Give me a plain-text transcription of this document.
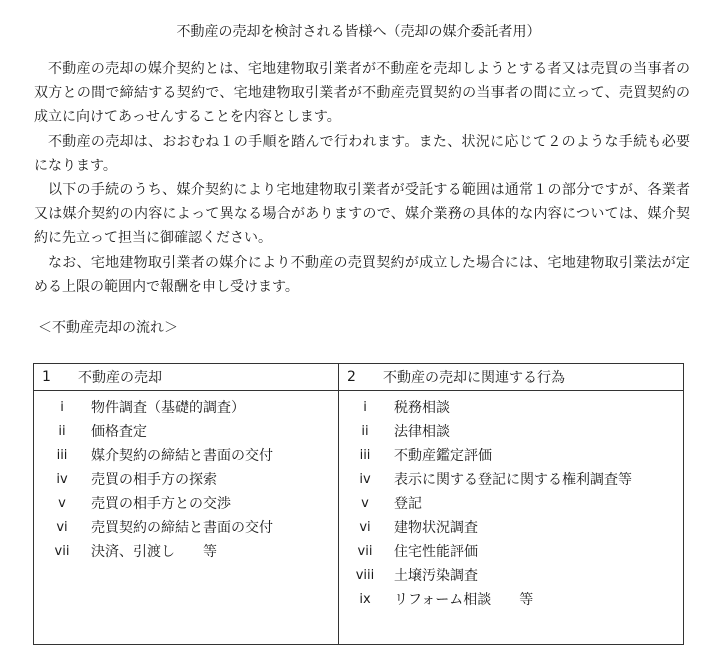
不動産の売却を検討される皆様へ（売却の媒介委託者用）

不動産の売却の媒介契約とは、宅地建物取引業者が不動産を売却しようとする者又は売買の当事者の双方との間で締結する契約で、宅地建物取引業者が不動産売買契約の当事者の間に立って、売買契約の成立に向けてあっせんすることを内容とします。

不動産の売却は、おおむね１の手順を踏んで行われます。また、状況に応じて２のような手続も必要になります。

以下の手続のうち、媒介契約により宅地建物取引業者が受託する範囲は通常１の部分ですが、各業者又は媒介契約の内容によって異なる場合がありますので、媒介業務の具体的な内容については、媒介契約に先立って担当に御確認ください。

なお、宅地建物取引業者の媒介により不動産の売買契約が成立した場合には、宅地建物取引業法が定める上限の範囲内で報酬を申し受けます。

＜不動産売却の流れ＞
1	不動産の売却
i	物件調査（基礎的調査）
ii	価格査定
iii	媒介契約の締結と書面の交付
iv	売買の相手方の探索
v	売買の相手方との交渉
vi	売買契約の締結と書面の交付
vii	決済、引渡し　　等
2	不動産の売却に関連する行為
i	税務相談
ii	法律相談
iii	不動産鑑定評価
iv	表示に関する登記に関する権利調査等
v	登記
vi	建物状況調査
vii	住宅性能評価
viii 土壌汚染調査
ix	リフォーム相談　　等
